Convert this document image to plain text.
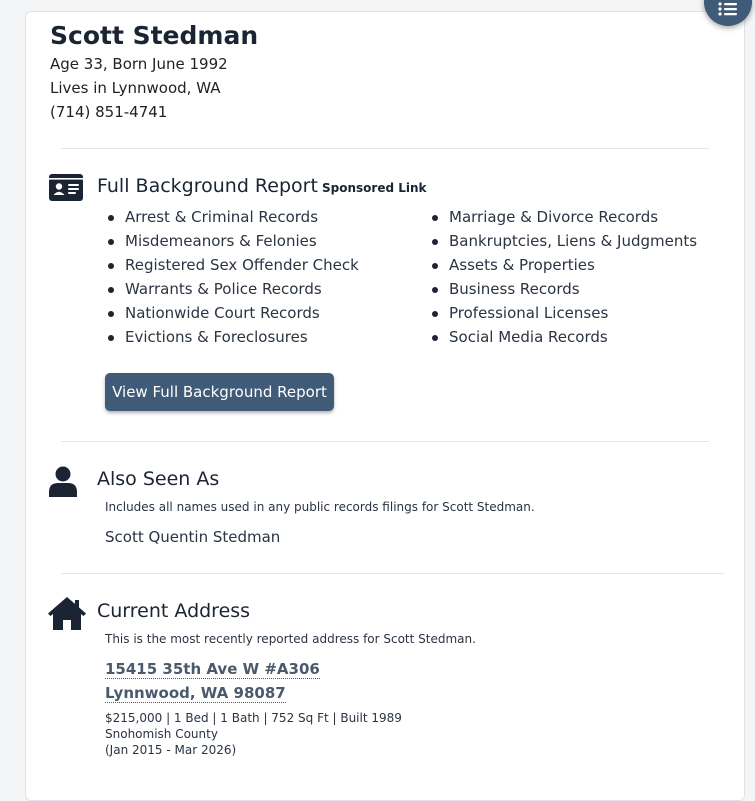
Scott Stedman
Age 33, Born June 1992
Lives in Lynnwood, WA
(714) 851-4741
Full Background Report Sponsored Link
Arrest & Criminal Records
Misdemeanors & Felonies
Registered Sex Offender Check
Warrants & Police Records
Nationwide Court Records
Evictions & Foreclosures
Marriage & Divorce Records
Bankruptcies, Liens & Judgments
Assets & Properties
Business Records
Professional Licenses
Social Media Records
View Full Background Report
Also Seen As
Includes all names used in any public records filings for Scott Stedman.
Scott Quentin Stedman
Current Address
This is the most recently reported address for Scott Stedman.
15415 35th Ave W #A306
Lynnwood, WA 98087
$215,000 | 1 Bed | 1 Bath | 752 Sq Ft | Built 1989
Snohomish County
(Jan 2015 - Mar 2026)
